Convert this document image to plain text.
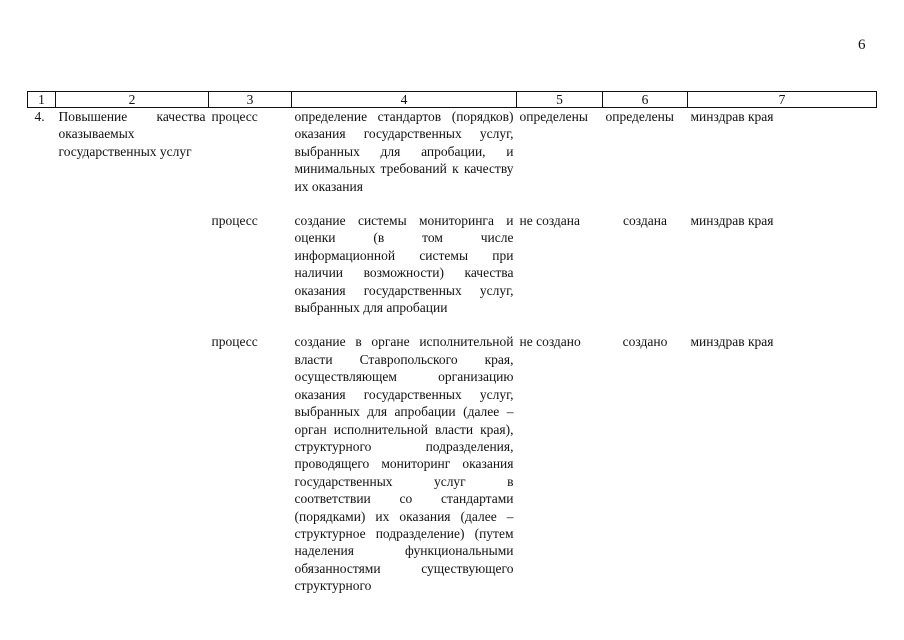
6
1	2	3	4	5	6	7
4.	Повышение качества оказываемых государственных услуг	процесс	определение стандартов (порядков) оказания государственных услуг, выбранных для апробации, и минимальных требований к качеству их оказания	определены	определены	минздрав края
		процесс	создание системы мониторинга и оценки (в том числе информационной системы при наличии возможности) качества оказания государственных услуг, выбранных для апробации	не создана	создана	минздрав края
		процесс	создание в органе исполнительной власти Ставропольского края, осуществляющем организацию оказания государственных услуг, выбранных для апробации (далее – орган исполнительной власти края), структурного подразделения, проводящего мониторинг оказания государственных услуг в соответствии со стандартами (порядками) их оказания (далее – структурное подразделение) (путем наделения функциональными обязанностями существующего структурного	не создано	создано	минздрав края
